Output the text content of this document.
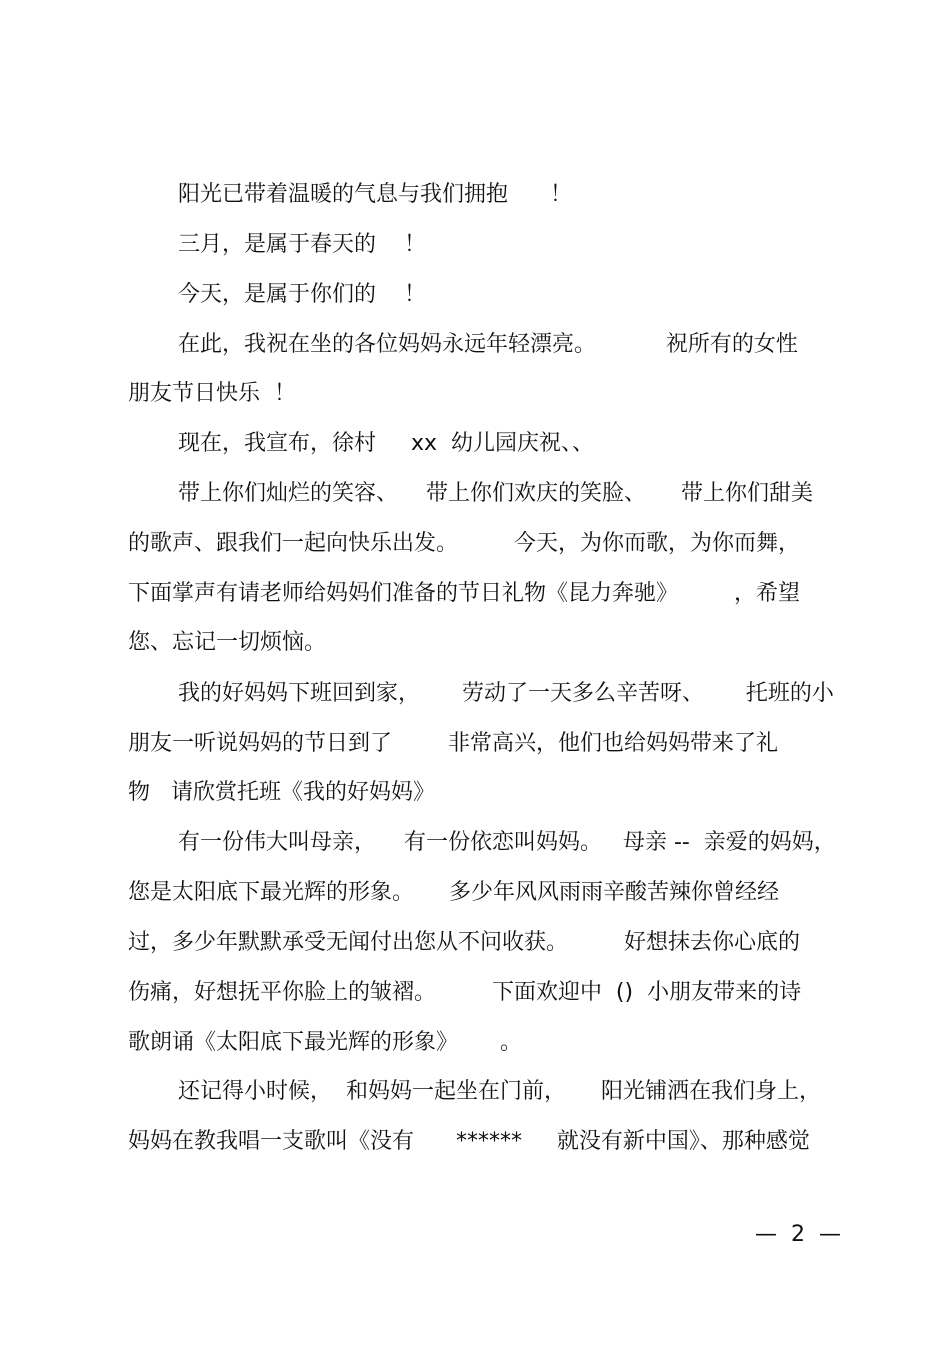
阳光已带着温暖的气息与我们拥抱      ！
三月，是属于春天的    ！
今天，是属于你们的    ！
在此，我祝在坐的各位妈妈永远年轻漂亮。          祝所有的女性
朋友节日快乐  ！
现在，我宣布，徐村     xx  幼儿园庆祝、、
带上你们灿烂的笑容、    带上你们欢庆的笑脸、     带上你们甜美
的歌声、跟我们一起向快乐出发。        今天，为你而歌，为你而舞，
下面掌声有请老师给妈妈们准备的节日礼物《昆力奔驰》        ，希望
您、忘记一切烦恼。
我的好妈妈下班回到家，      劳动了一天多么辛苦呀、      托班的小
朋友一听说妈妈的节日到了        非常高兴，他们也给妈妈带来了礼
物   请欣赏托班《我的好妈妈》
有一份伟大叫母亲，    有一份依恋叫妈妈。   母亲 --  亲爱的妈妈，
您是太阳底下最光辉的形象。     多少年风风雨雨辛酸苦辣你曾经经
过，多少年默默承受无闻付出您从不问收获。        好想抹去你心底的
伤痛，好想抚平你脸上的皱褶。        下面欢迎中  ()  小朋友带来的诗
歌朗诵《太阳底下最光辉的形象》      。
还记得小时候，  和妈妈一起坐在门前，     阳光铺洒在我们身上，
妈妈在教我唱一支歌叫《没有      ******     就没有新中国》、那种感觉
—  2  —
